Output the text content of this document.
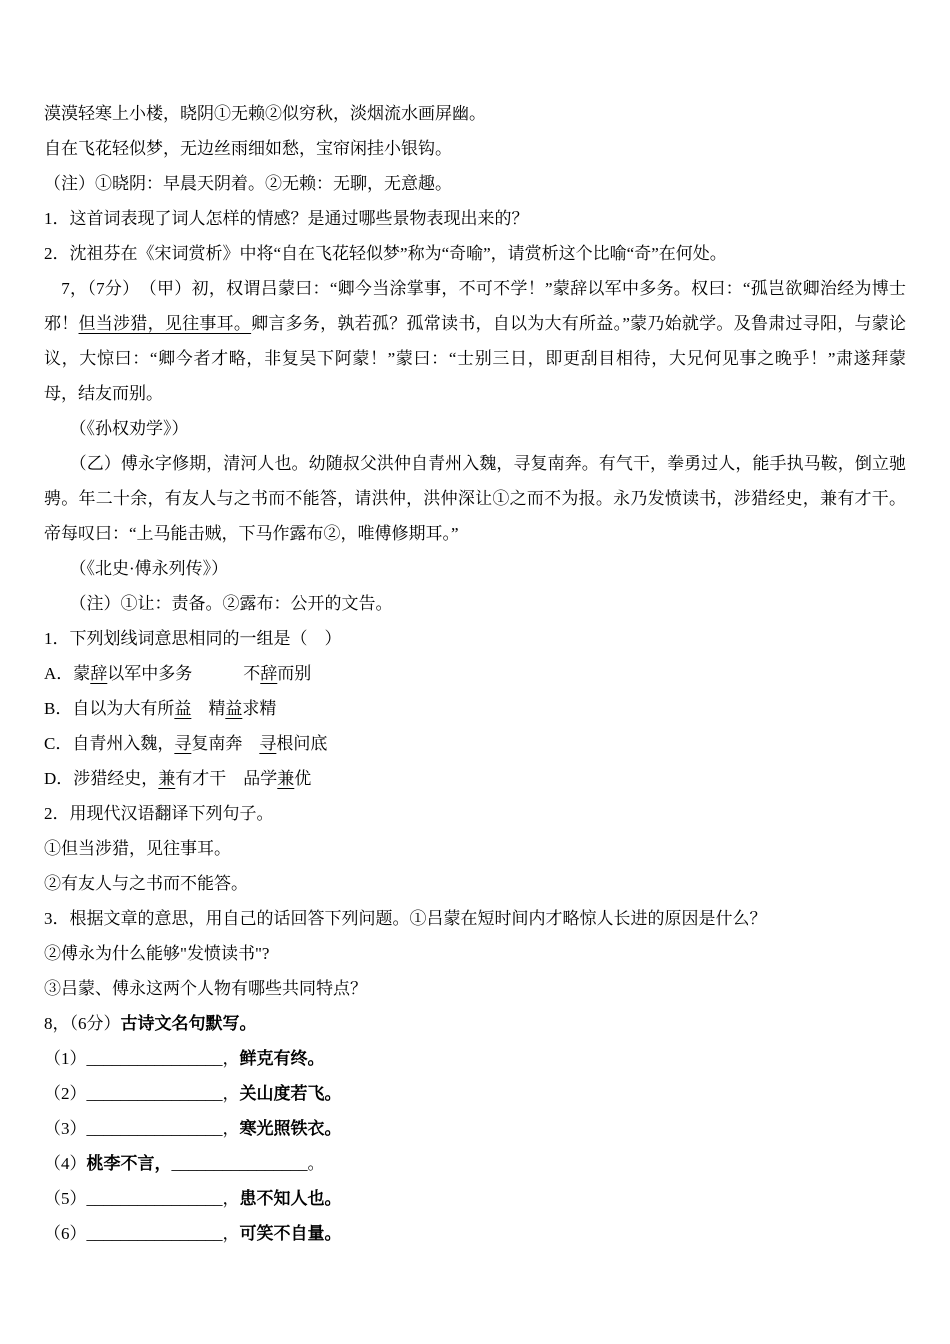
漠漠轻寒上小楼，晓阴①无赖②似穷秋，淡烟流水画屏幽。
自在飞花轻似梦，无边丝雨细如愁，宝帘闲挂小银钩。
（注）①晓阴：早晨天阴着。②无赖：无聊，无意趣。
1．这首词表现了词人怎样的情感？是通过哪些景物表现出来的？
2．沈祖芬在《宋词赏析》中将“自在飞花轻似梦”称为“奇喻”，请赏析这个比喻“奇”在何处。
　7，（7分）　（甲）初，权谓吕蒙曰：“卿今当涂掌事，不可不学！”蒙辞以军中多务。权曰：“孤岂欲卿治经为博士邪！但当涉猎，见往事耳。卿言多务，孰若孤？孤常读书，自以为大有所益。”蒙乃始就学。及鲁肃过寻阳，与蒙论议，大惊曰：“卿今者才略，非复吴下阿蒙！”蒙曰：“士别三日，即更刮目相待，大兄何见事之晚乎！”肃遂拜蒙母，结友而别。
　　（《孙权劝学》）
　　（乙）傅永字修期，清河人也。幼随叔父洪仲自青州入魏，寻复南奔。有气干，拳勇过人，能手执马鞍，倒立驰骋。年二十余，有友人与之书而不能答，请洪仲，洪仲深让①之而不为报。永乃发愤读书，涉猎经史，兼有才干。帝每叹曰：“上马能击贼，下马作露布②，唯傅修期耳。”
　　（《北史·傅永列传》）
　　（注）①让：责备。②露布：公开的文告。
1．下列划线词意思相同的一组是（　）
A．蒙辞以军中多务　　　不辞而别
B．自以为大有所益　精益求精
C．自青州入魏，寻复南奔　寻根问底
D．涉猎经史，兼有才干　品学兼优
2．用现代汉语翻译下列句子。
①但当涉猎，见往事耳。
②有友人与之书而不能答。
3．根据文章的意思，用自己的话回答下列问题。①吕蒙在短时间内才略惊人长进的原因是什么？
②傅永为什么能够"发愤读书"?
③吕蒙、傅永这两个人物有哪些共同特点？
8，（6分）古诗文名句默写。
（1）________________，鲜克有终。
（2）________________，关山度若飞。
（3）________________，寒光照铁衣。
（4）桃李不言，________________。
（5）________________，患不知人也。
（6）________________，可笑不自量。
